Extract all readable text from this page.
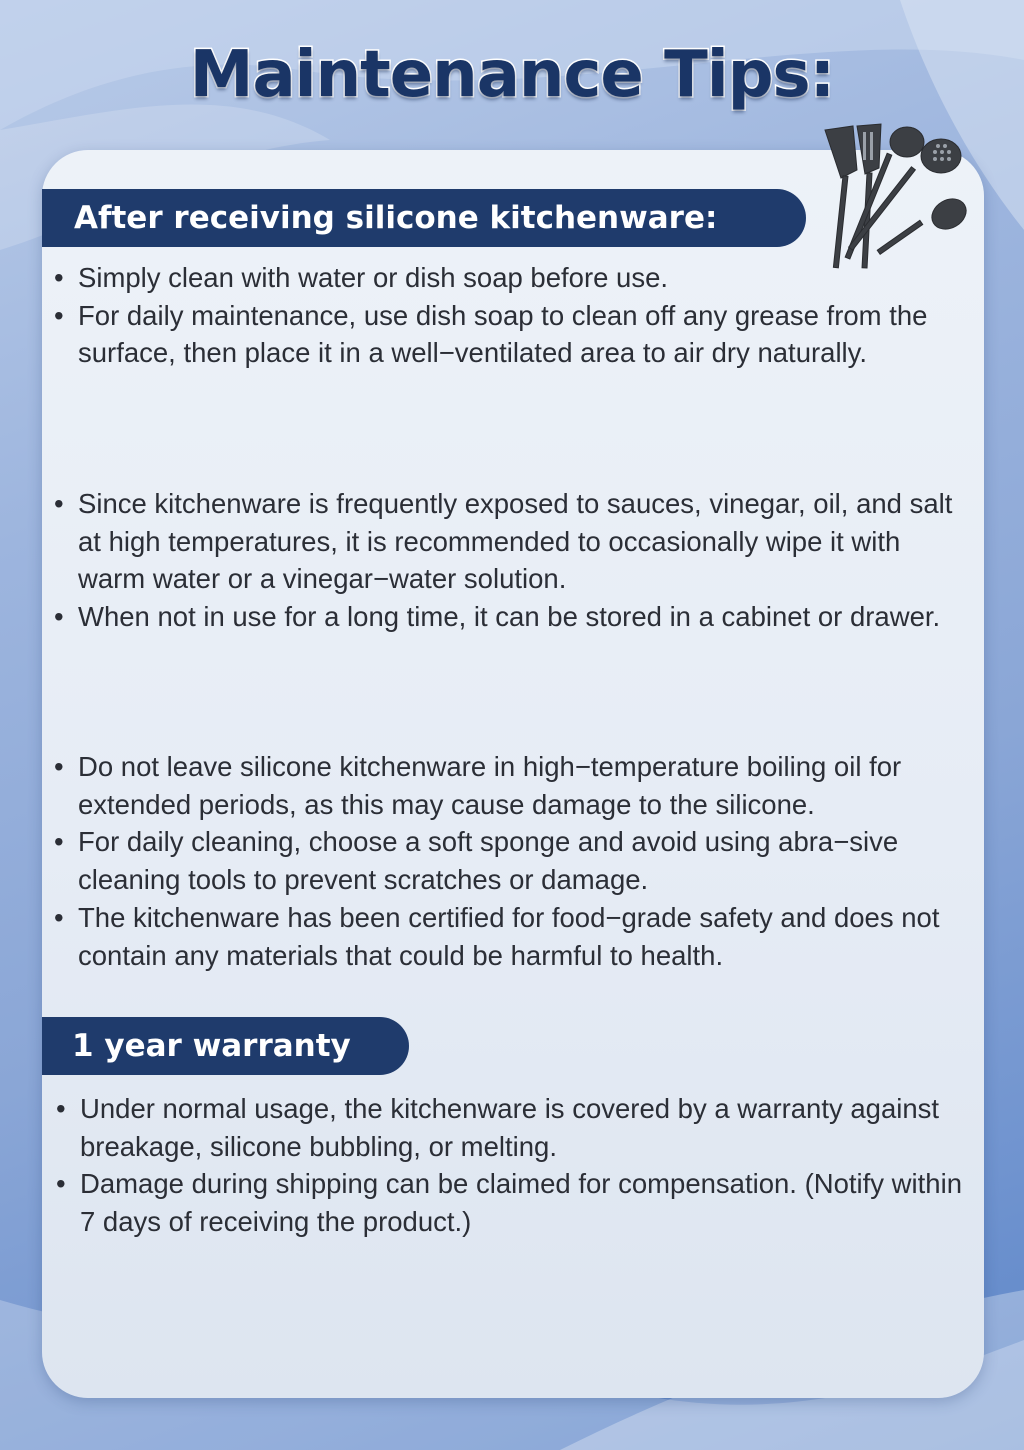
Maintenance Tips:
After receiving silicone kitchenware:
• Simply clean with water or dish soap before use.
• For daily maintenance, use dish soap to clean off any grease from the surface, then place it in a well−ventilated area to air dry naturally.
• Since kitchenware is frequently exposed to sauces, vinegar, oil, and salt at high temperatures, it is recommended to occasionally wipe it with warm water or a vinegar−water solution.
• When not in use for a long time, it can be stored in a cabinet or drawer.
• Do not leave silicone kitchenware in high−temperature boiling oil for extended periods, as this may cause damage to the silicone.
• For daily cleaning, choose a soft sponge and avoid using abra−sive cleaning tools to prevent scratches or damage.
• The kitchenware has been certified for food−grade safety and does not contain any materials that could be harmful to health.
1 year warranty
• Under normal usage, the kitchenware is covered by a warranty against breakage, silicone bubbling, or melting.
• Damage during shipping can be claimed for compensation. (Notify within 7 days of receiving the product.)
